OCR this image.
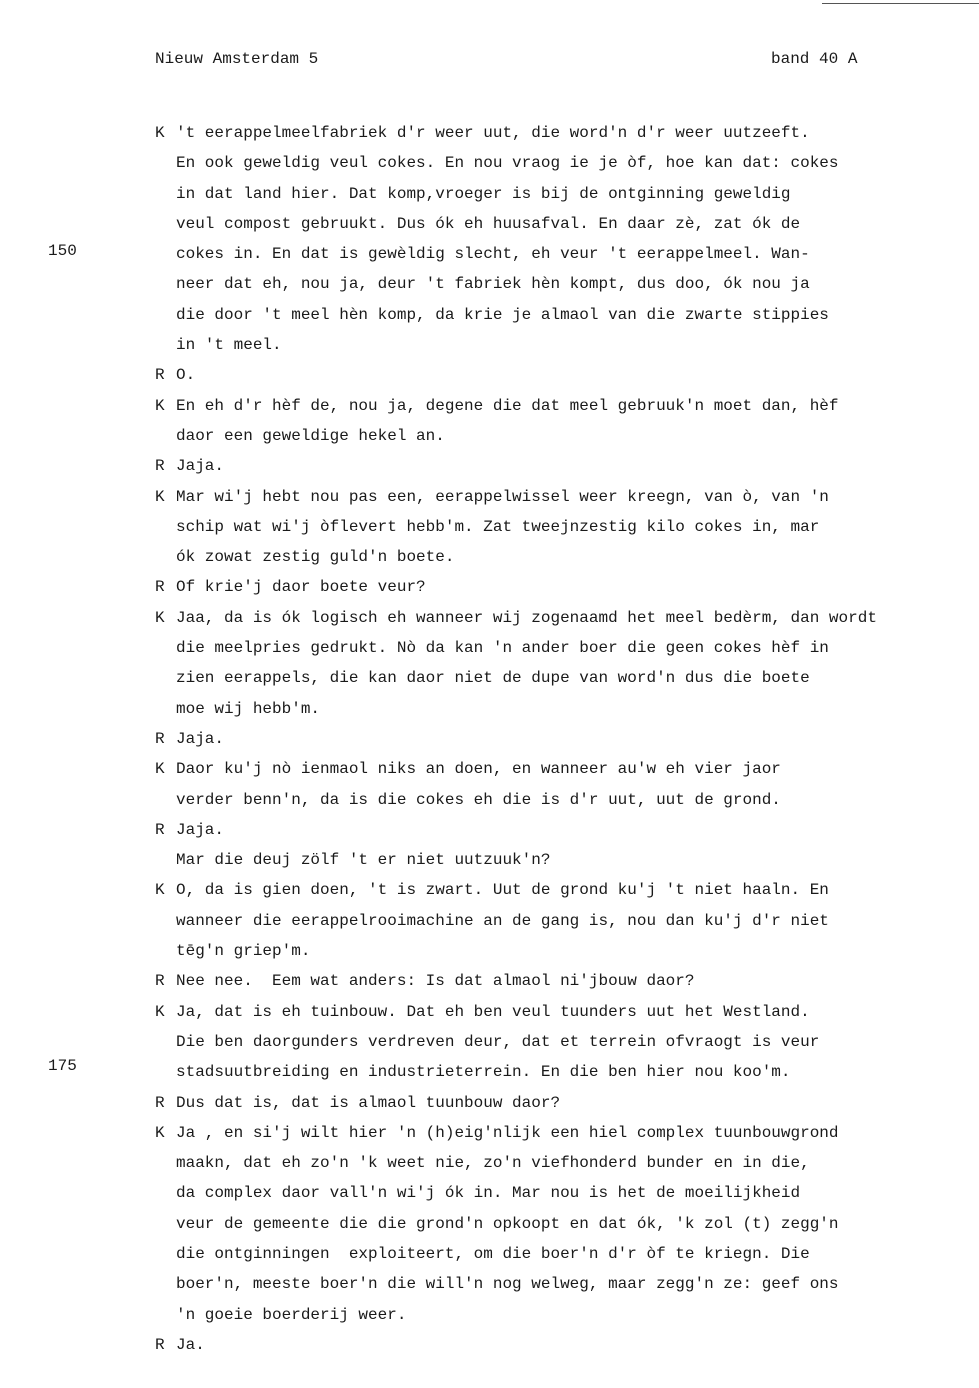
Nieuw Amsterdam 5	band 40 A
150
175
K 't eerappelmeelfabriek d'r weer uut, die word'n d'r weer uutzeeft.
En ook geweldig veul cokes. En nou vraog ie je òf, hoe kan dat: cokes
in dat land hier. Dat komp,vroeger is bij de ontginning geweldig
veul compost gebruukt. Dus ók eh huusafval. En daar zè, zat ók de
cokes in. En dat is gewèldig slecht, eh veur 't eerappelmeel. Wan-
neer dat eh, nou ja, deur 't fabriek hèn kompt, dus doo, ók nou ja
die door 't meel hèn komp, da krie je almaol van die zwarte stippies
in 't meel.
R O.
K En eh d'r hèf de, nou ja, degene die dat meel gebruuk'n moet dan, hèf
daor een geweldige hekel an.
R Jaja.
K Mar wi'j hebt nou pas een, eerappelwissel weer kreegn, van ò, van 'n
schip wat wi'j òflevert hebb'm. Zat tweejnzestig kilo cokes in, mar
ók zowat zestig guld'n boete.
R Of krie'j daor boete veur?
K Jaa, da is ók logisch eh wanneer wij zogenaamd het meel bedèrm, dan wordt
die meelpries gedrukt. Nò da kan 'n ander boer die geen cokes hèf in
zien eerappels, die kan daor niet de dupe van word'n dus die boete
moe wij hebb'm.
R Jaja.
K Daor ku'j nò ienmaol niks an doen, en wanneer au'w eh vier jaor
verder benn'n, da is die cokes eh die is d'r uut, uut de grond.
R Jaja.
Mar die deuj zölf 't er niet uutzuuk'n?
K O, da is gien doen, 't is zwart. Uut de grond ku'j 't niet haaln. En
wanneer die eerappelrooimachine an de gang is, nou dan ku'j d'r niet
tēg'n griep'm.
R Nee nee.  Eem wat anders: Is dat almaol ni'jbouw daor?
K Ja, dat is eh tuinbouw. Dat eh ben veul tuunders uut het Westland.
Die ben daorgunders verdreven deur, dat et terrein ofvraogt is veur
stadsuutbreiding en industrieterrein. En die ben hier nou koo'm.
R Dus dat is, dat is almaol tuunbouw daor?
K Ja , en si'j wilt hier 'n (h)eig'nlijk een hiel complex tuunbouwgrond
maakn, dat eh zo'n 'k weet nie, zo'n viefhonderd bunder en in die,
da complex daor vall'n wi'j ók in. Mar nou is het de moeilijkheid
veur de gemeente die die grond'n opkoopt en dat ók, 'k zol (t) zegg'n
die ontginningen  exploiteert, om die boer'n d'r òf te kriegn. Die
boer'n, meeste boer'n die will'n nog welweg, maar zegg'n ze: geef ons
'n goeie boerderij weer.
R Ja.
